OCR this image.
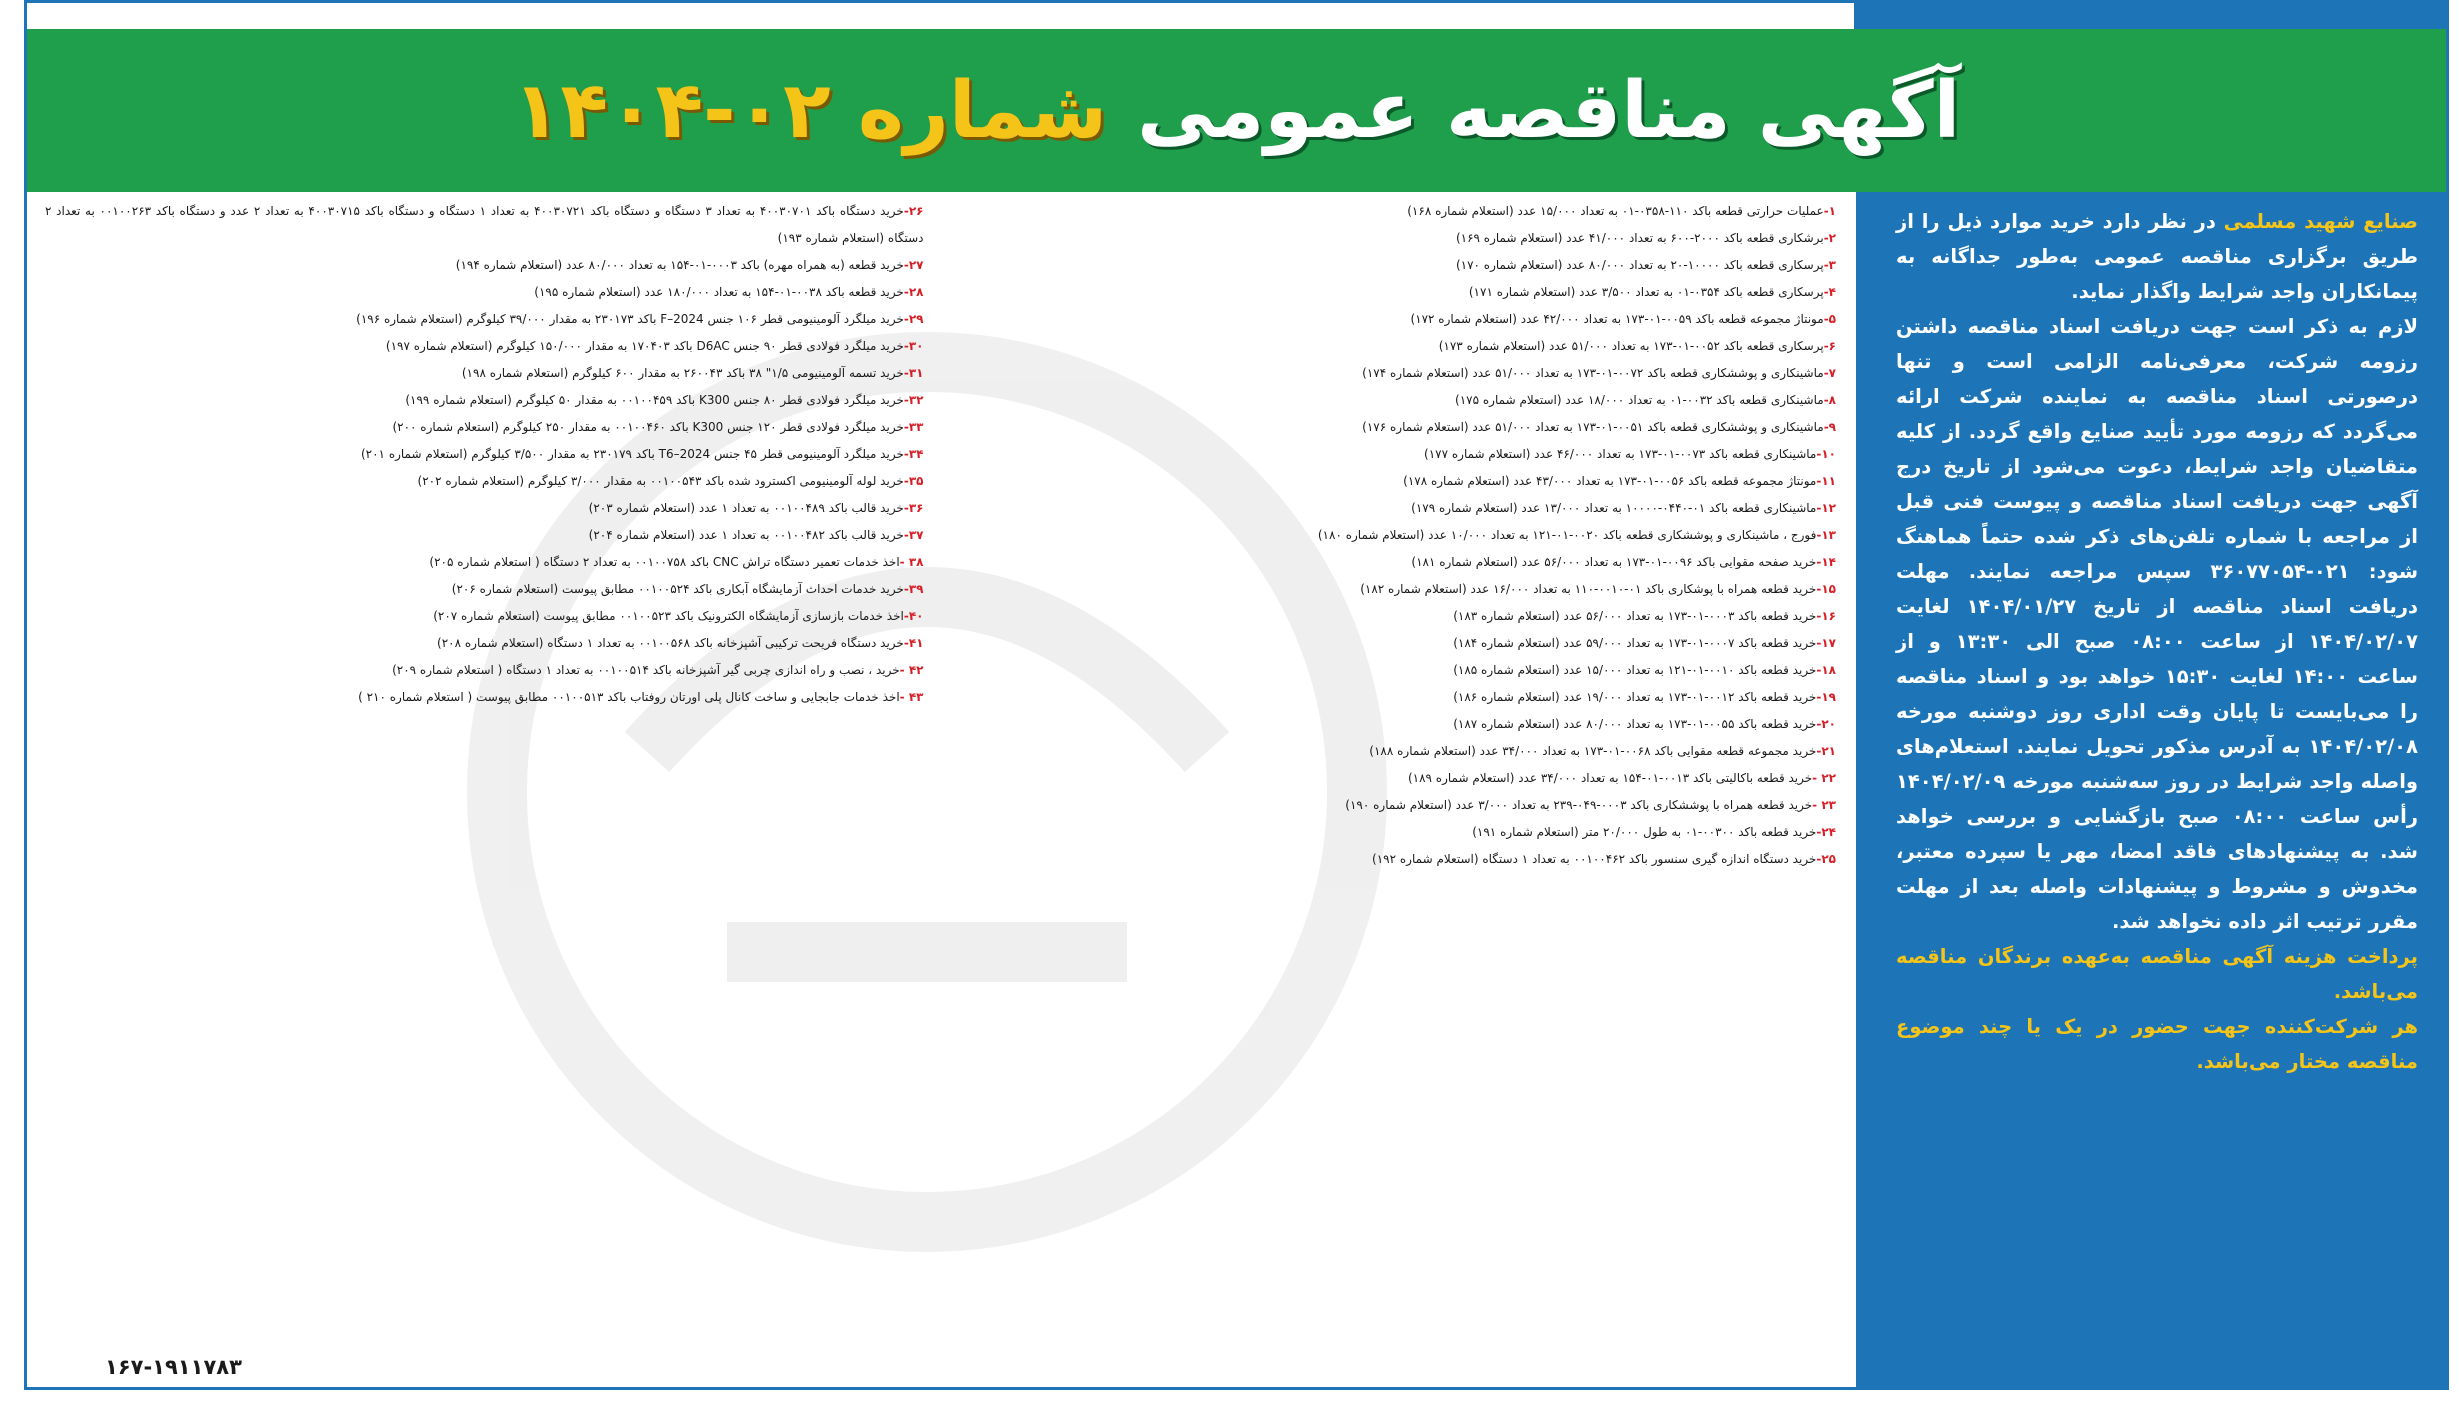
آگهی مناقصه عمومی
شماره ۰۲-۱۴۰۴

صنایع شهید مسلمی در نظر دارد خرید موارد ذیل را از طریق برگزاری مناقصه عمومی به‌طور جداگانه به پیمانکاران واجد شرایط واگذار نماید.

لازم به ذکر است جهت دریافت اسناد مناقصه داشتن رزومه شرکت، معرفی‌نامه الزامی است و تنها درصورتی اسناد مناقصه به نماینده شرکت ارائه می‌گردد که رزومه مورد تأیید صنایع واقع گردد. از کلیه متقاضیان واجد شرایط، دعوت می‌شود از تاریخ درج آگهی جهت دریافت اسناد مناقصه و پیوست فنی قبل از مراجعه با شماره تلفن‌های ذکر شده حتماً هماهنگ شود: ۰۲۱-۳۶۰۷۷۰۵۴ سپس مراجعه نمایند. مهلت دریافت اسناد مناقصه از تاریخ ۱۴۰۴/۰۱/۲۷ لغایت ۱۴۰۴/۰۲/۰۷ از ساعت ۰۸:۰۰ صبح الی ۱۳:۳۰ و از ساعت ۱۴:۰۰ لغایت ۱۵:۳۰ خواهد بود و اسناد مناقصه را می‌بایست تا پایان وقت اداری روز دوشنبه مورخه ۱۴۰۴/۰۲/۰۸ به آدرس مذکور تحویل نمایند. استعلام‌های واصله واجد شرایط در روز سه‌شنبه مورخه ۱۴۰۴/۰۲/۰۹ رأس ساعت ۰۸:۰۰ صبح بازگشایی و بررسی خواهد شد. به پیشنهادهای فاقد امضا، مهر یا سپرده معتبر، مخدوش و مشروط و پیشنهادات واصله بعد از مهلت مقرر ترتیب اثر داده نخواهد شد.

پرداخت هزینه آگهی مناقصه به‌عهده برندگان مناقصه می‌باشد.

هر شرکت‌کننده جهت حضور در یک یا چند موضوع مناقصه مختار می‌باشد.

۱-عملیات حرارتی قطعه باکد ۱۱۰-۰۳۵۸-۰۱ به تعداد ۱۵/۰۰۰ عدد (استعلام شماره ۱۶۸)

۲-برشکاری قطعه باکد ۲۰۰۰-۶۰۰ به تعداد ۴۱/۰۰۰ عدد (استعلام شماره ۱۶۹)

۳-پرسکاری قطعه باکد ۱۰۰۰۰-۲۰ به تعداد ۸۰/۰۰۰ عدد (استعلام شماره ۱۷۰)

۴-پرسکاری قطعه باکد ۰۳۵۴-۰۱ به تعداد ۳/۵۰۰ عدد (استعلام شماره ۱۷۱)

۵-مونتاژ مجموعه قطعه باکد ۰۰۵۹-۰۱-۱۷۳ به تعداد ۴۲/۰۰۰ عدد (استعلام شماره ۱۷۲)

۶-پرسکاری قطعه باکد ۰۰۵۲-۰۱-۱۷۳ به تعداد ۵۱/۰۰۰ عدد (استعلام شماره ۱۷۳)

۷-ماشینکاری و پوششکاری قطعه باکد ۰۰۷۲-۰۱-۱۷۳ به تعداد ۵۱/۰۰۰ عدد (استعلام شماره ۱۷۴)

۸-ماشینکاری قطعه باکد ۰۰۳۲-۰۱ به تعداد ۱۸/۰۰۰ عدد (استعلام شماره ۱۷۵)

۹-ماشینکاری و پوششکاری قطعه باکد ۰۰۵۱-۰۱-۱۷۳ به تعداد ۵۱/۰۰۰ عدد (استعلام شماره ۱۷۶)

۱۰-ماشینکاری قطعه باکد ۰۰۷۳-۰۱-۱۷۳ به تعداد ۴۶/۰۰۰ عدد (استعلام شماره ۱۷۷)

۱۱-مونتاژ مجموعه قطعه باکد ۰۰۵۶-۰۱-۱۷۳ به تعداد ۴۳/۰۰۰ عدد (استعلام شماره ۱۷۸)

۱۲-ماشینکاری قطعه باکد ۰۱-۰۴۴۰-۱۰۰۰۰ به تعداد ۱۳/۰۰۰ عدد (استعلام شماره ۱۷۹)

۱۳-فورج ، ماشینکاری و پوششکاری قطعه باکد ۰۰۲۰-۰۱-۱۲۱ به تعداد ۱۰/۰۰۰ عدد (استعلام شماره ۱۸۰)

۱۴-خرید صفحه مقوایی باکد ۰۰۹۶-۰۱-۱۷۳ به تعداد ۵۶/۰۰۰ عدد (استعلام شماره ۱۸۱)

۱۵-خرید قطعه همراه با پوشکاری باکد ۰۱-۰۰۱۰-۱۱۰ به تعداد ۱۶/۰۰۰ عدد (استعلام شماره ۱۸۲)

۱۶-خرید قطعه باکد ۰۰۰۳-۰۱-۱۷۳ به تعداد ۵۶/۰۰۰ عدد (استعلام شماره ۱۸۳)

۱۷-خرید قطعه باکد ۰۰۰۷-۰۱-۱۷۳ به تعداد ۵۹/۰۰۰ عدد (استعلام شماره ۱۸۴)

۱۸-خرید قطعه باکد ۰۰۱۰-۰۱-۱۲۱ به تعداد ۱۵/۰۰۰ عدد (استعلام شماره ۱۸۵)

۱۹-خرید قطعه باکد ۰۰۱۲-۰۱-۱۷۳ به تعداد ۱۹/۰۰۰ عدد (استعلام شماره ۱۸۶)

۲۰-خرید قطعه باکد ۰۰۵۵-۰۱-۱۷۳ به تعداد ۸۰/۰۰۰ عدد (استعلام شماره ۱۸۷)

۲۱-خرید مجموعه قطعه مقوایی باکد ۰۰۶۸-۰۱-۱۷۳ به تعداد ۳۴/۰۰۰ عدد (استعلام شماره ۱۸۸)

۲۲ -خرید قطعه باکالیتی باکد ۰۰۱۳-۰۱-۱۵۴ به تعداد ۳۴/۰۰۰ عدد (استعلام شماره ۱۸۹)

۲۳ -خرید قطعه همراه با پوششکاری باکد ۰۰۰۳-۰۴۹-۲۳۹ به تعداد ۳/۰۰۰ عدد (استعلام شماره ۱۹۰)

۲۴-خرید قطعه باکد ۰۰۳۰۰-۰۱ به طول ۲۰/۰۰۰ متر (استعلام شماره ۱۹۱)

۲۵-خرید دستگاه اندازه گیری سنسور باکد ۰۰۱۰۰۴۶۲ به تعداد ۱ دستگاه (استعلام شماره ۱۹۲)

۲۶-خرید دستگاه باکد ۴۰۰۳۰۷۰۱ به تعداد ۳ دستگاه و دستگاه باکد ۴۰۰۳۰۷۲۱ به تعداد ۱ دستگاه و دستگاه باکد ۴۰۰۳۰۷۱۵ به تعداد ۲ عدد و دستگاه باکد ۰۰۱۰۰۲۶۳ به تعداد ۲ دستگاه (استعلام شماره ۱۹۳)

۲۷-خرید قطعه (به همراه مهره) باکد ۰۰۰۳-۰۱-۱۵۴ به تعداد ۸۰/۰۰۰ عدد (استعلام شماره ۱۹۴)

۲۸-خرید قطعه باکد ۰۰۳۸-۰۱-۱۵۴ به تعداد ۱۸۰/۰۰۰ عدد (استعلام شماره ۱۹۵)

۲۹-خرید میلگرد آلومینیومی قطر ۱۰۶ جنس F–2024 باکد ۲۳۰۱۷۳ به مقدار ۳۹/۰۰۰ کیلوگرم (استعلام شماره ۱۹۶)

۳۰-خرید میلگرد فولادی قطر ۹۰ جنس D6AC باکد ۱۷۰۴۰۳ به مقدار ۱۵۰/۰۰۰ کیلوگرم (استعلام شماره ۱۹۷)

۳۱-خرید تسمه آلومینیومی ۱/۵" ۳۸ باکد ۲۶۰۰۴۳ به مقدار ۶۰۰ کیلوگرم (استعلام شماره ۱۹۸)

۳۲-خرید میلگرد فولادی قطر ۸۰ جنس K300 باکد ۰۰۱۰۰۴۵۹ به مقدار ۵۰ کیلوگرم (استعلام شماره ۱۹۹)

۳۳-خرید میلگرد فولادی قطر ۱۲۰ جنس K300 باکد ۰۰۱۰۰۴۶۰ به مقدار ۲۵۰ کیلوگرم (استعلام شماره ۲۰۰)

۳۴-خرید میلگرد آلومینیومی قطر ۴۵ جنس T6–2024 باکد ۲۳۰۱۷۹ به مقدار ۳/۵۰۰ کیلوگرم (استعلام شماره ۲۰۱)

۳۵-خرید لوله آلومینیومی اکسترود شده باکد ۰۰۱۰۰۵۴۳ به مقدار ۳/۰۰۰ کیلوگرم (استعلام شماره ۲۰۲)

۳۶-خرید قالب باکد ۰۰۱۰۰۴۸۹ به تعداد ۱ عدد (استعلام شماره ۲۰۳)

۳۷-خرید قالب باکد ۰۰۱۰۰۴۸۲ به تعداد ۱ عدد (استعلام شماره ۲۰۴)

۳۸ -اخذ خدمات تعمیر دستگاه تراش CNC باکد ۰۰۱۰۰۷۵۸ به تعداد ۲ دستگاه ( استعلام شماره ۲۰۵)

۳۹-خرید خدمات احداث آزمایشگاه آبکاری باکد ۰۰۱۰۰۵۲۴ مطابق پیوست (استعلام شماره ۲۰۶)

۴۰-اخذ خدمات بازسازی آزمایشگاه الکترونیک باکد ۰۰۱۰۰۵۲۳ مطابق پیوست (استعلام شماره ۲۰۷)

۴۱-خرید دستگاه فریحت ترکیبی آشپزخانه باکد ۰۰۱۰۰۵۶۸ به تعداد ۱ دستگاه (استعلام شماره ۲۰۸)

۴۲ -خرید ، نصب و راه اندازی چربی گیر آشپزخانه باکد ۰۰۱۰۰۵۱۴ به تعداد ۱ دستگاه ( استعلام شماره ۲۰۹)

۴۳ -اخذ خدمات جابجایی و ساخت کانال پلی اورتان روفتاب باکد ۰۰۱۰۰۵۱۳ مطابق پیوست ( استعلام شماره ۲۱۰ )

۱۶۷-۱۹۱۱۷۸۳
